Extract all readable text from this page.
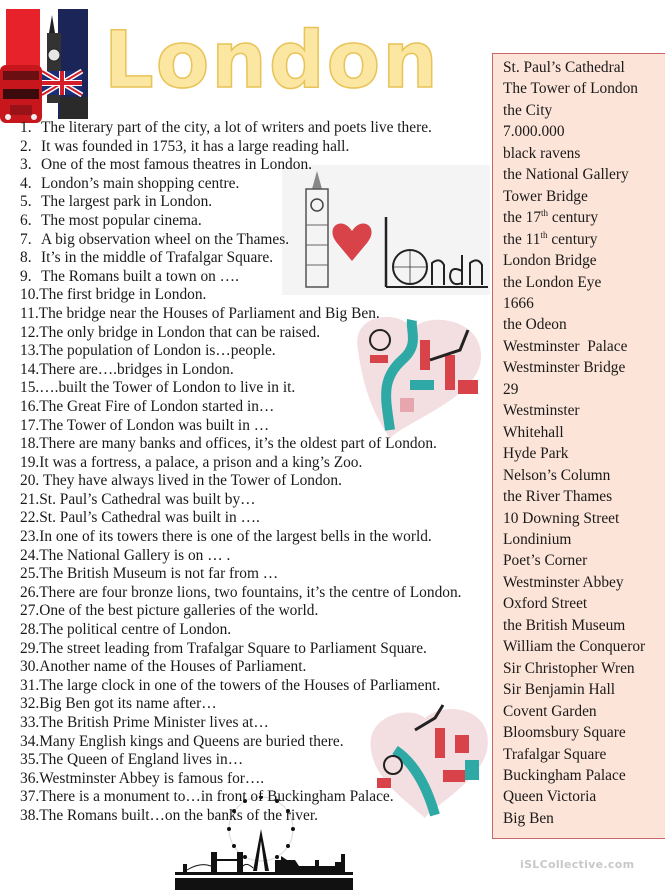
London
1. The literary part of the city, a lot of writers and poets live there.
2. It was founded in 1753, it has a large reading hall.
3. One of the most famous theatres in London.
4. London’s main shopping centre.
5. The largest park in London.
6. The most popular cinema.
7. A big observation wheel on the Thames.
8. It’s in the middle of Trafalgar Square.
9. The Romans built a town on ….
10.The first bridge in London.
11.The bridge near the Houses of Parliament and Big Ben.
12.The only bridge in London that can be raised.
13.The population of London is…people.
14.There are….bridges in London.
15.….built the Tower of London to live in it.
16.The Great Fire of London started in…
17.The Tower of London was built in …
18.There are many banks and offices, it’s the oldest part of London.
19.It was a fortress, a palace, a prison and a king’s Zoo.
20. They have always lived in the Tower of London.
21.St. Paul’s Cathedral was built by…
22.St. Paul’s Cathedral was built in ….
23.In one of its towers there is one of the largest bells in the world.
24.The National Gallery is on … .
25.The British Museum is not far from …
26.There are four bronze lions, two fountains, it’s the centre of London.
27.One of the best picture galleries of the world.
28.The political centre of London.
29.The street leading from Trafalgar Square to Parliament Square.
30.Another name of the Houses of Parliament.
31.The large clock in one of the towers of the Houses of Parliament.
32.Big Ben got its name after…
33.The British Prime Minister lives at…
34.Many English kings and Queens are buried there.
35.The Queen of England lives in…
36.Westminster Abbey is famous for….
37.There is a monument to…in front of Buckingham Palace.
38.The Romans built…on the banks of the river.
St. Paul’s Cathedral
The Tower of London
the City
7.000.000
black ravens
the National Gallery
Tower Bridge
the 17th century
the 11th century
London Bridge
the London Eye
1666
the Odeon
Westminster  Palace
Westminster Bridge
29
Westminster
Whitehall
Hyde Park
Nelson’s Column
the River Thames
10 Downing Street
Londinium
Poet’s Corner
Westminster Abbey
Oxford Street
the British Museum
William the Conqueror
Sir Christopher Wren
Sir Benjamin Hall
Covent Garden
Bloomsbury Square
Trafalgar Square
Buckingham Palace
Queen Victoria
Big Ben
iSLCollective.com
